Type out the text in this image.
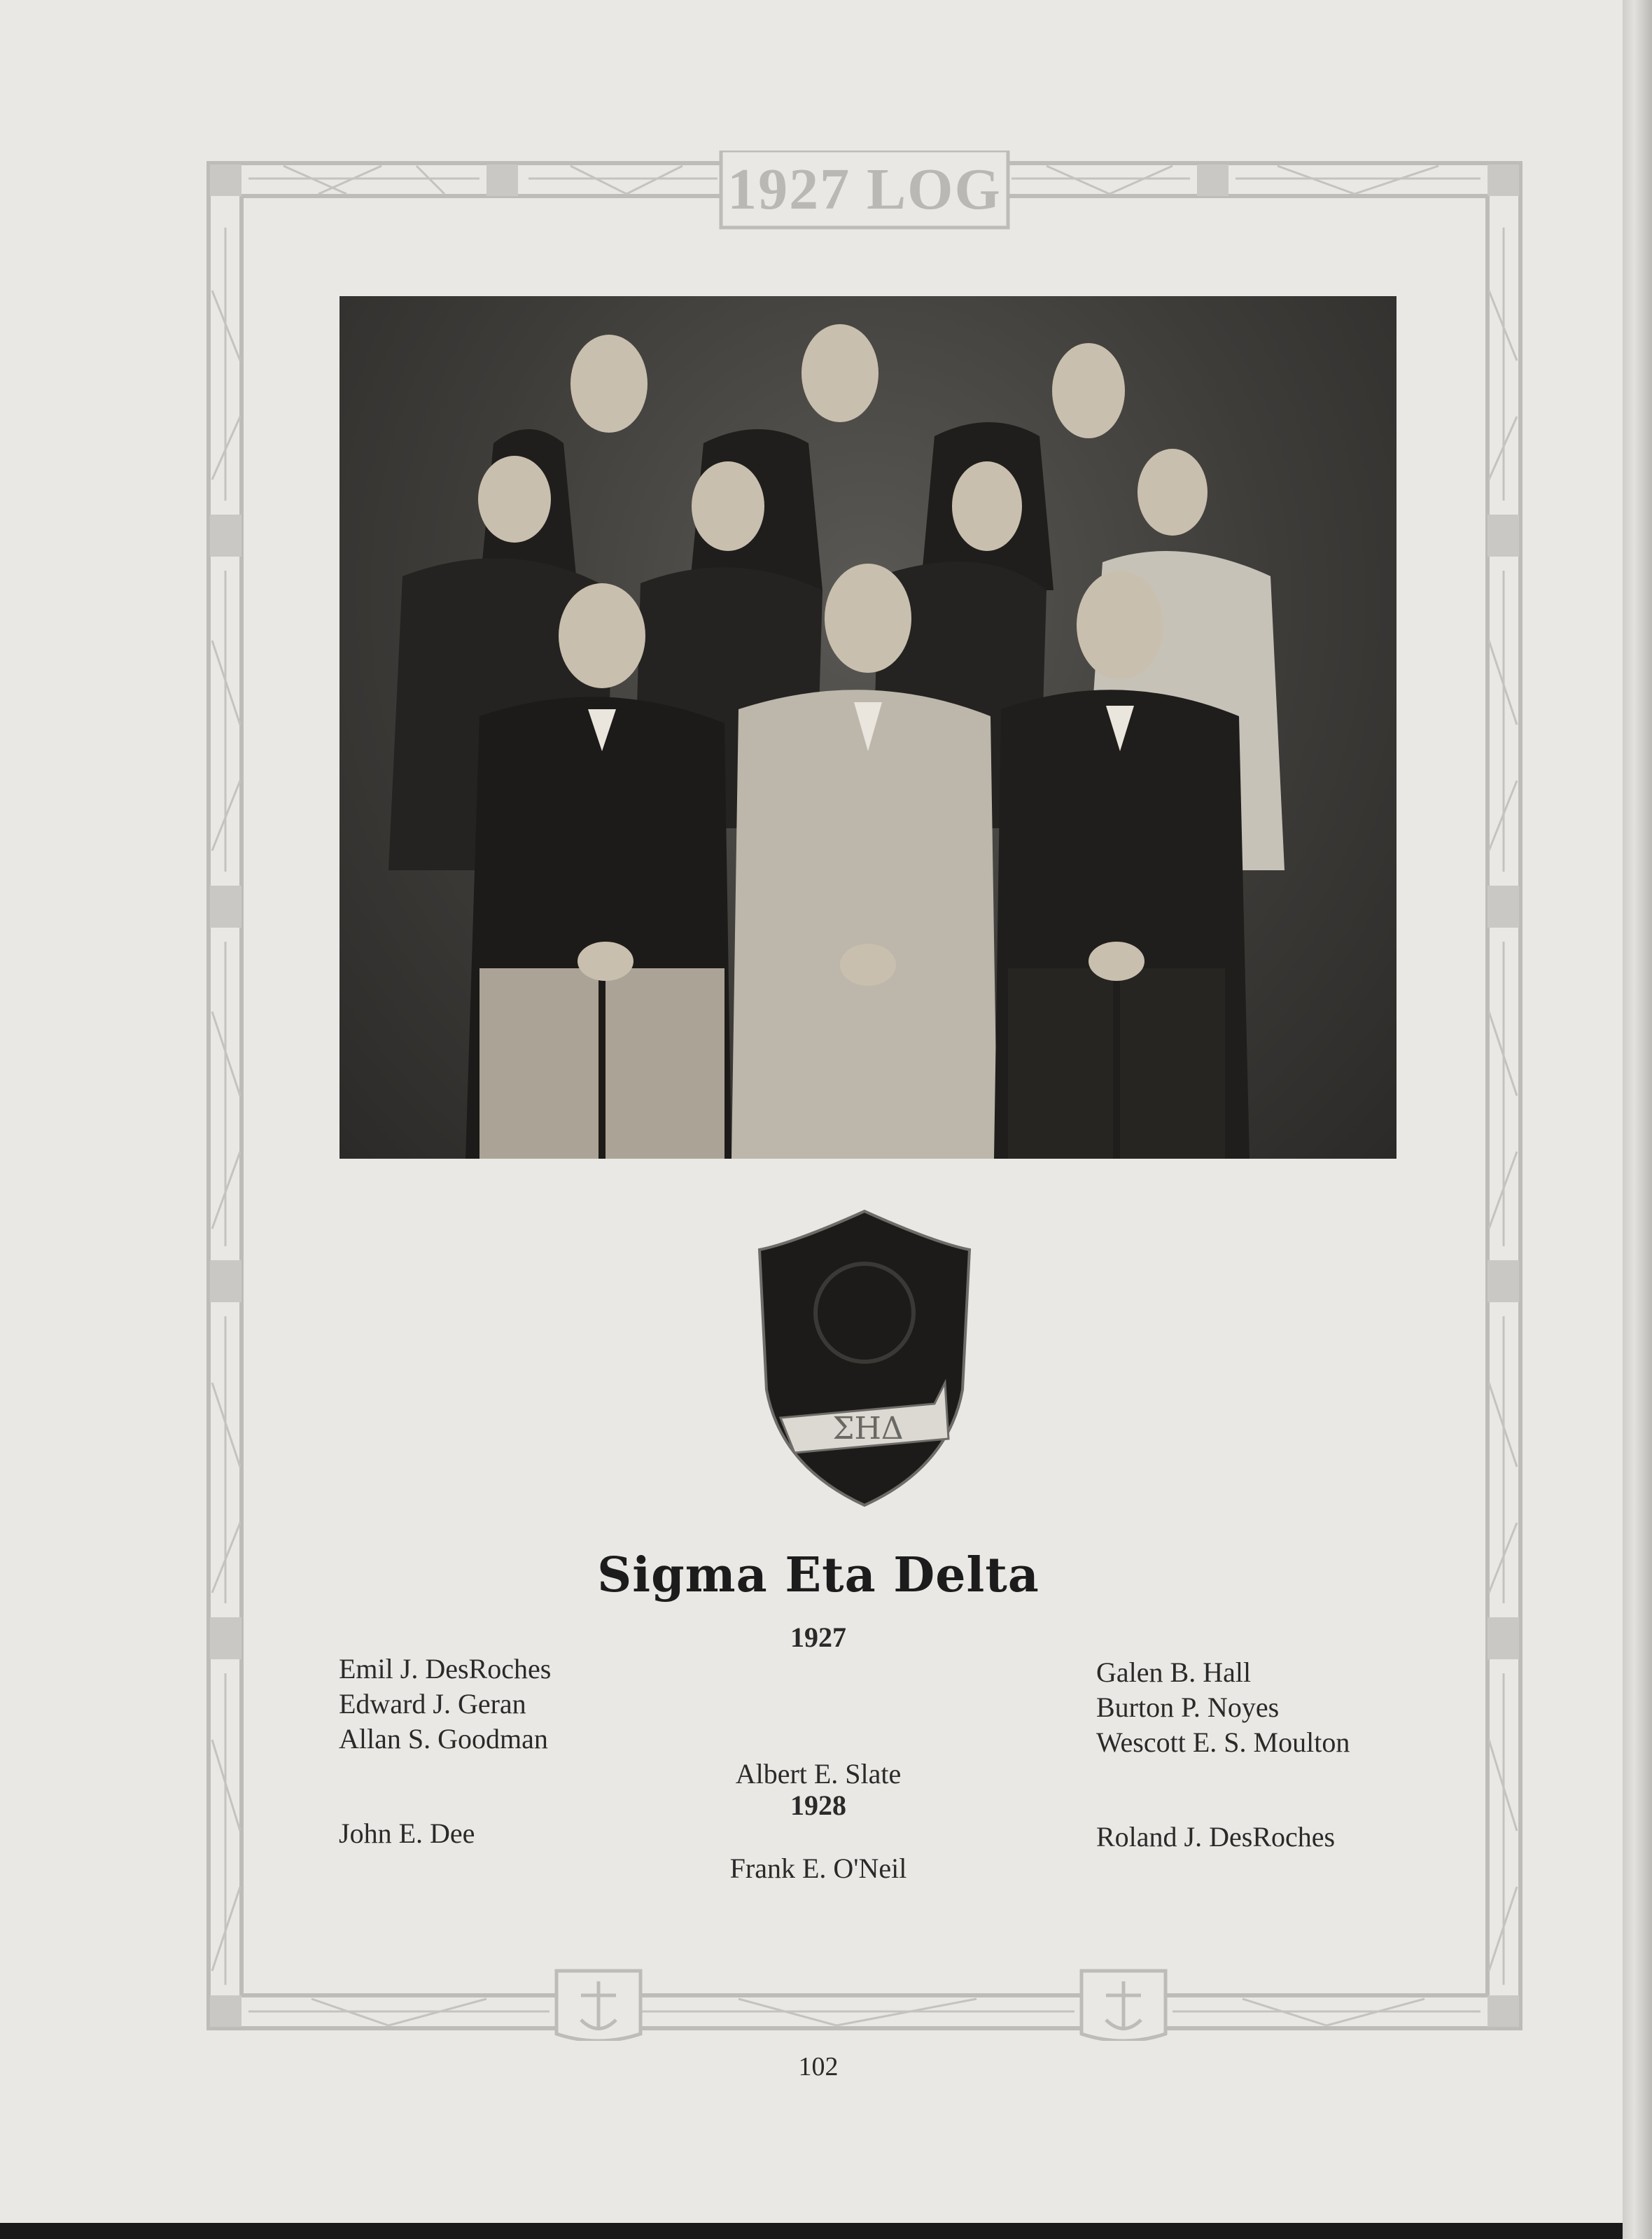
1927 LOG
ΣΗΔ
Sigma Eta Delta
1927
Emil J. DesRoches
Edward J. Geran
Allan S. Goodman
Galen B. Hall
Burton P. Noyes
Wescott E. S. Moulton
Albert E. Slate
1928
John E. Dee	Roland J. DesRoches
Frank E. O'Neil
102
